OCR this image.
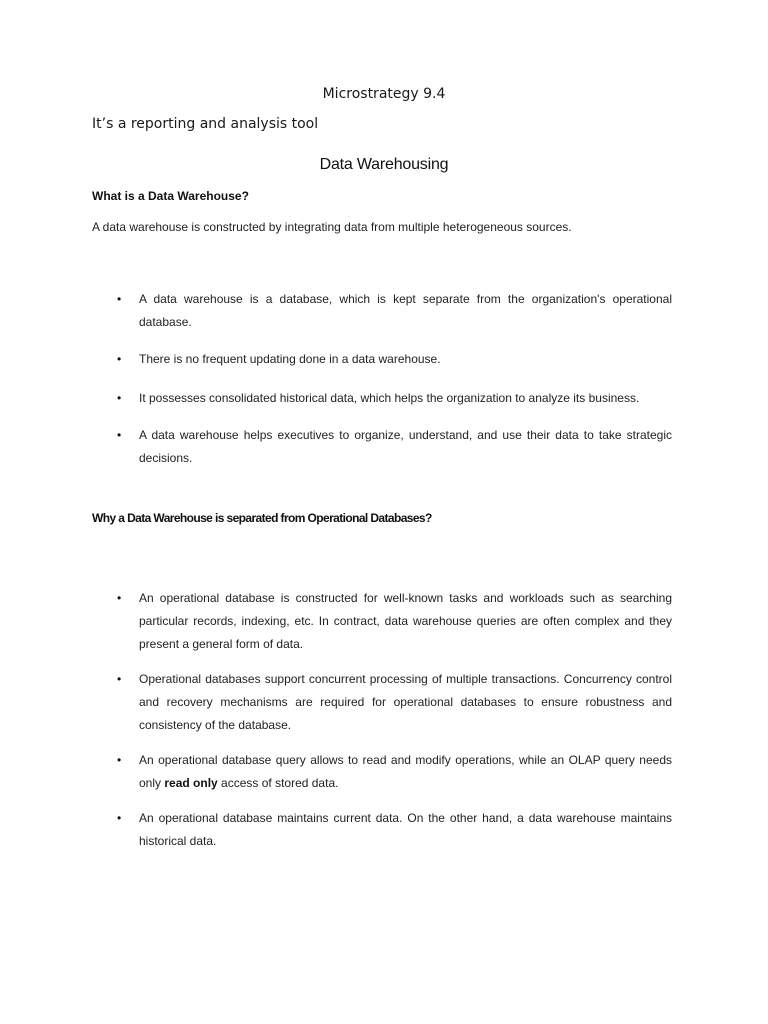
Microstrategy 9.4
It’s a reporting and analysis tool
Data Warehousing
What is a Data Warehouse?
A data warehouse is constructed by integrating data from multiple heterogeneous sources.
• A data warehouse is a database, which is kept separate from the organization's operational database.
• There is no frequent updating done in a data warehouse.
• It possesses consolidated historical data, which helps the organization to analyze its business.
• A data warehouse helps executives to organize, understand, and use their data to take strategic decisions.
Why a Data Warehouse is separated from Operational Databases?
• An operational database is constructed for well-known tasks and workloads such as searching particular records, indexing, etc. In contract, data warehouse queries are often complex and they present a general form of data.
• Operational databases support concurrent processing of multiple transactions. Concurrency control and recovery mechanisms are required for operational databases to ensure robustness and consistency of the database.
• An operational database query allows to read and modify operations, while an OLAP query needs only read only access of stored data.
• An operational database maintains current data. On the other hand, a data warehouse maintains historical data.
